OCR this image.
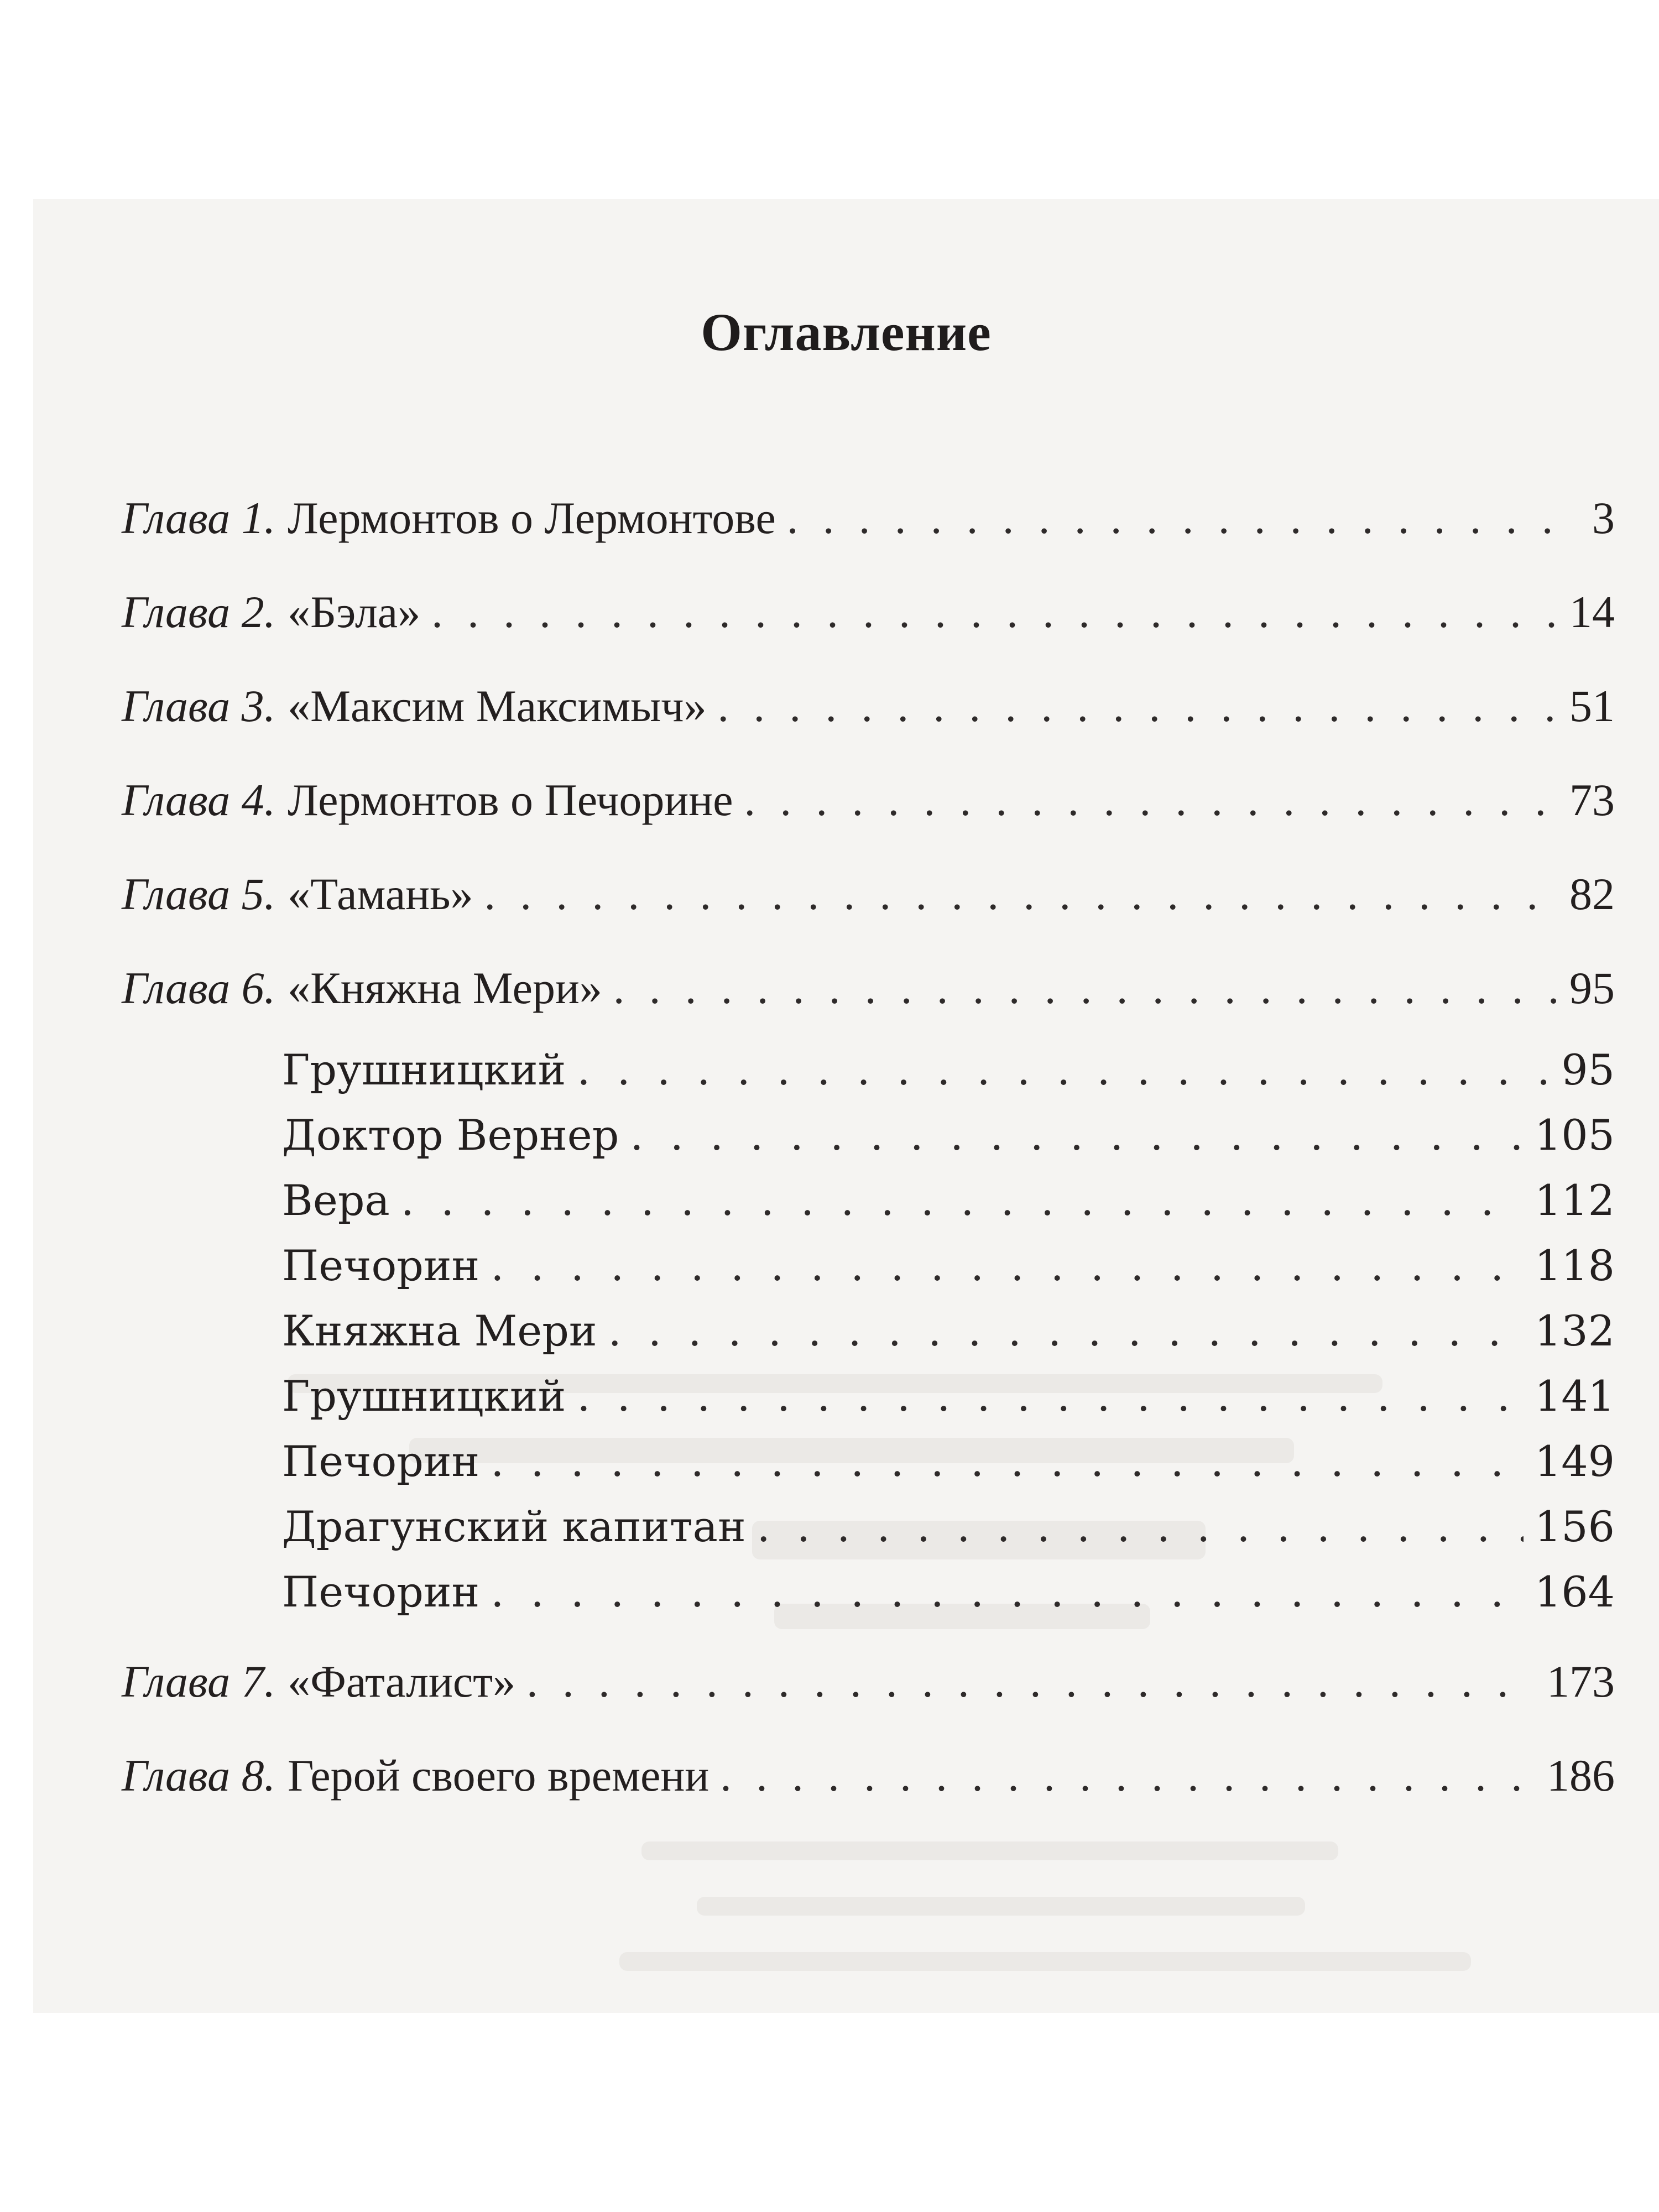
Оглавление
Глава 1. Лермонтов о Лермонтове . . .	3
Глава 2. «Бэла» . . .	14
Глава 3. «Максим Максимыч» . . .	51
Глава 4. Лермонтов о Печорине . . .	73
Глава 5. «Тамань» . . .	82
Глава 6. «Княжна Мери» . . .	95
Грушницкий . . .	95
Доктор Вернер . . .	105
Вера . . .	112
Печорин . . .	118
Княжна Мери . . .	132
Грушницкий . . .	141
Печорин . . .	149
Драгунский капитан . . .	156
Печорин . . .	164
Глава 7. «Фаталист» . . .	173
Глава 8. Герой своего времени . . .	186
